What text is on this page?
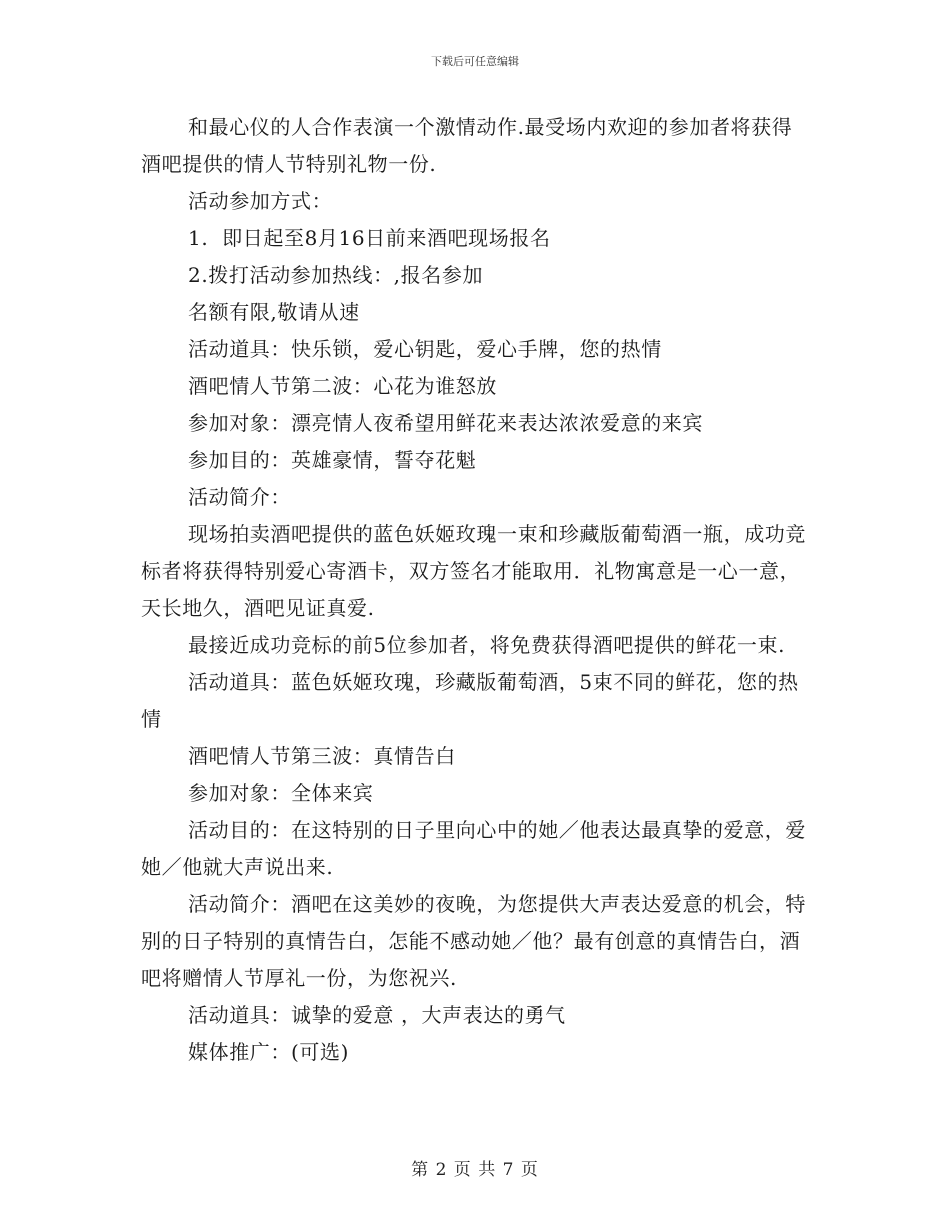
下载后可任意编辑

和最心仪的人合作表演一个激情动作.最受场内欢迎的参加者将获得酒吧提供的情人节特别礼物一份.

活动参加方式：

1.  即日起至8月16日前来酒吧现场报名

2.拨打活动参加热线：,报名参加

名额有限,敬请从速

活动道具：快乐锁，爱心钥匙，爱心手牌，您的热情

酒吧情人节第二波：心花为谁怒放

参加对象：漂亮情人夜希望用鲜花来表达浓浓爱意的来宾

参加目的：英雄豪情，誓夺花魁

活动简介：

现场拍卖酒吧提供的蓝色妖姬玫瑰一束和珍藏版葡萄酒一瓶，成功竞标者将获得特别爱心寄酒卡，双方签名才能取用．礼物寓意是一心一意，天长地久，酒吧见证真爱.

最接近成功竞标的前5位参加者，将免费获得酒吧提供的鲜花一束.

活动道具：蓝色妖姬玫瑰，珍藏版葡萄酒，5束不同的鲜花，您的热情

酒吧情人节第三波：真情告白

参加对象：全体来宾

活动目的：在这特别的日子里向心中的她／他表达最真挚的爱意，爱她／他就大声说出来.

活动简介：酒吧在这美妙的夜晚，为您提供大声表达爱意的机会，特别的日子特别的真情告白，怎能不感动她／他？最有创意的真情告白，酒吧将赠情人节厚礼一份，为您祝兴.

活动道具：诚挚的爱意 ，大声表达的勇气

媒体推广：(可选)

第 2 页 共 7 页
